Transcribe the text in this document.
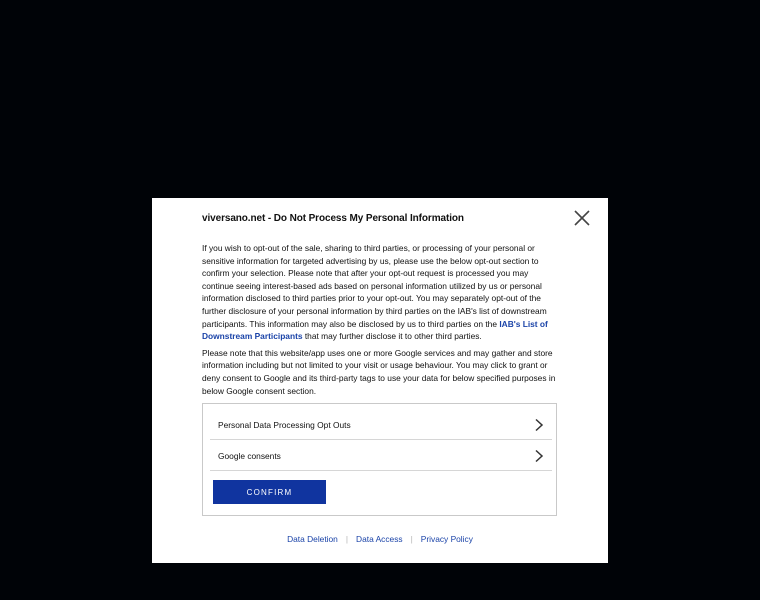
viversano.net - Do Not Process My Personal Information

If you wish to opt-out of the sale, sharing to third parties, or processing of your personal or sensitive information for targeted advertising by us, please use the below opt-out section to confirm your selection. Please note that after your opt-out request is processed you may continue seeing interest-based ads based on personal information utilized by us or personal information disclosed to third parties prior to your opt-out. You may separately opt-out of the further disclosure of your personal information by third parties on the IAB's list of downstream participants. This information may also be disclosed by us to third parties on the IAB's List of Downstream Participants that may further disclose it to other third parties.

Please note that this website/app uses one or more Google services and may gather and store information including but not limited to your visit or usage behaviour. You may click to grant or deny consent to Google and its third-party tags to use your data for below specified purposes in below Google consent section.

Personal Data Processing Opt Outs
Google consents
CONFIRM
Data Deletion | Data Access | Privacy Policy
